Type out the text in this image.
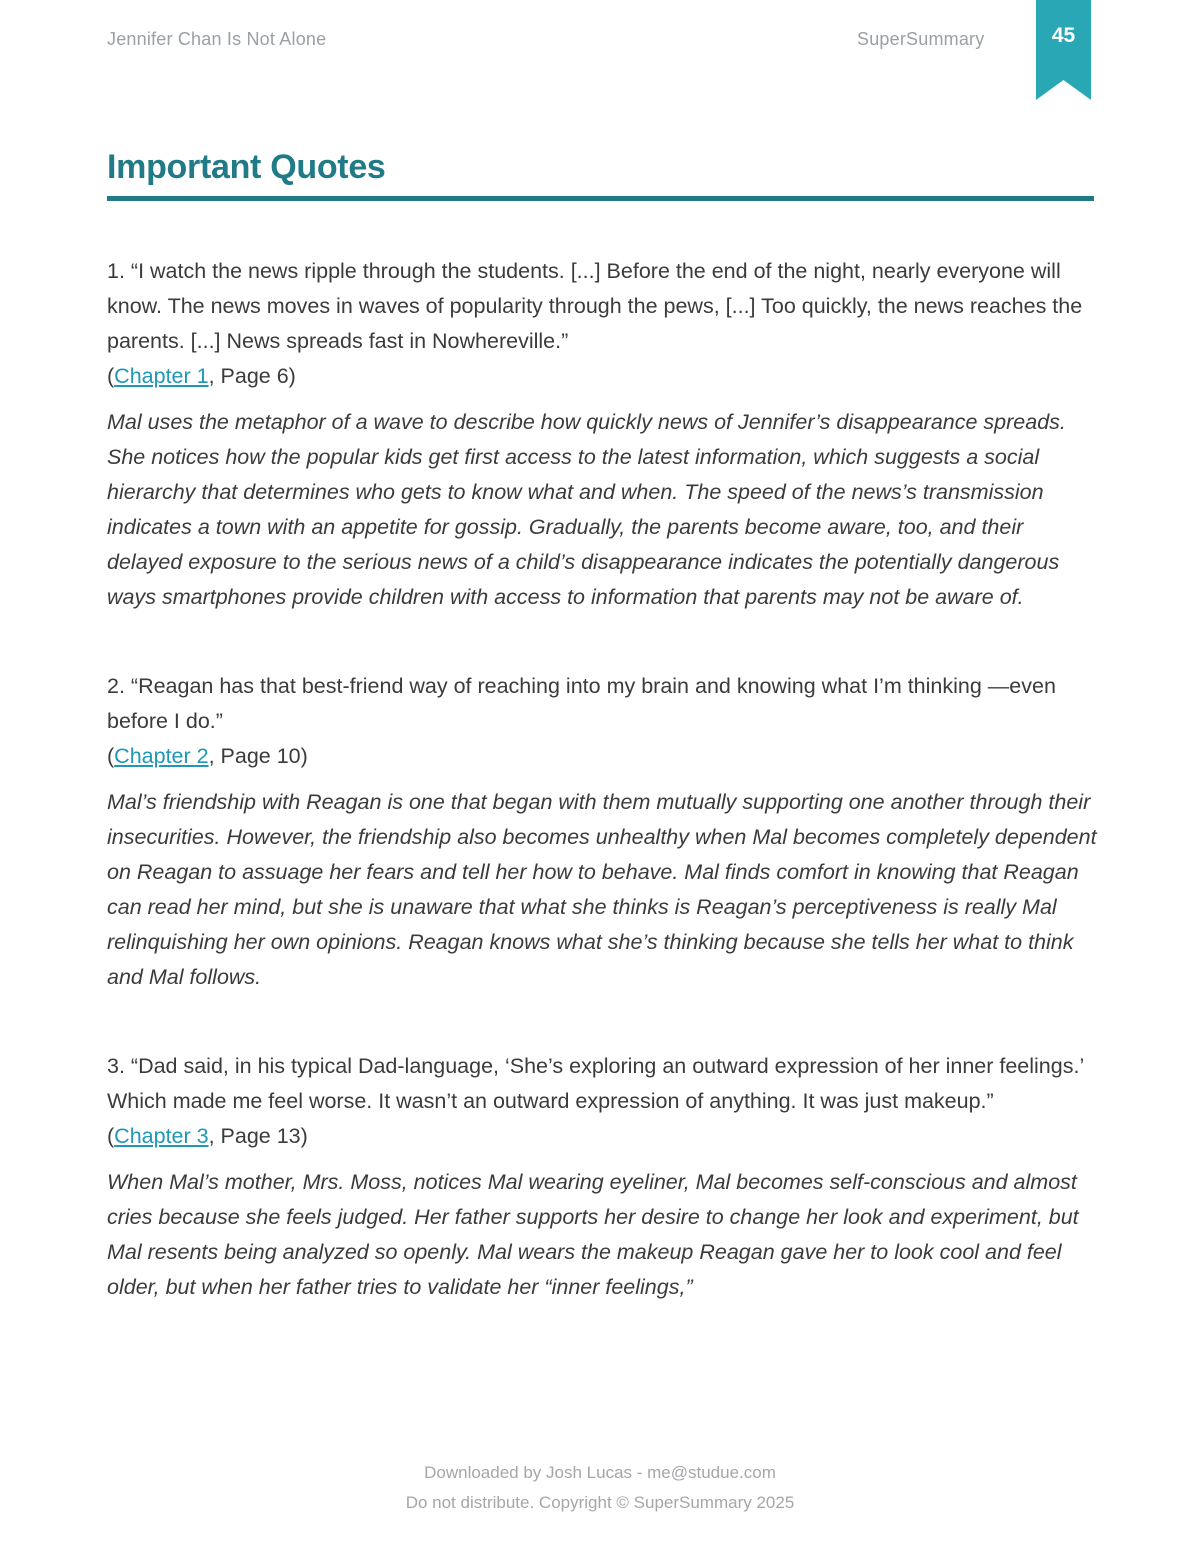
Jennifer Chan Is Not Alone	SuperSummary	45
Important Quotes

1. “I watch the news ripple through the students. [...] Before the end of the night, nearly everyone will know. The news moves in waves of popularity through the pews, [...] Too quickly, the news reaches the parents. [...] News spreads fast in Nowhereville.”

(Chapter 1, Page 6)

Mal uses the metaphor of a wave to describe how quickly news of Jennifer’s disappearance spreads. She notices how the popular kids get first access to the latest information, which suggests a social hierarchy that determines who gets to know what and when. The speed of the news’s transmission indicates a town with an appetite for gossip. Gradually, the parents become aware, too, and their delayed exposure to the serious news of a child’s disappearance indicates the potentially dangerous ways smartphones provide children with access to information that parents may not be aware of.

2. “Reagan has that best-friend way of reaching into my brain and knowing what I’m thinking —even before I do.”

(Chapter 2, Page 10)

Mal’s friendship with Reagan is one that began with them mutually supporting one another through their insecurities. However, the friendship also becomes unhealthy when Mal becomes completely dependent on Reagan to assuage her fears and tell her how to behave. Mal finds comfort in knowing that Reagan can read her mind, but she is unaware that what she thinks is Reagan’s perceptiveness is really Mal relinquishing her own opinions. Reagan knows what she’s thinking because she tells her what to think and Mal follows.

3. “Dad said, in his typical Dad-language, ‘She’s exploring an outward expression of her inner feelings.’ Which made me feel worse. It wasn’t an outward expression of anything. It was just makeup.”

(Chapter 3, Page 13)

When Mal’s mother, Mrs. Moss, notices Mal wearing eyeliner, Mal becomes self-conscious and almost cries because she feels judged. Her father supports her desire to change her look and experiment, but Mal resents being analyzed so openly. Mal wears the makeup Reagan gave her to look cool and feel older, but when her father tries to validate her “inner feelings,”

Downloaded by Josh Lucas - me@studue.com
Do not distribute. Copyright © SuperSummary 2025
